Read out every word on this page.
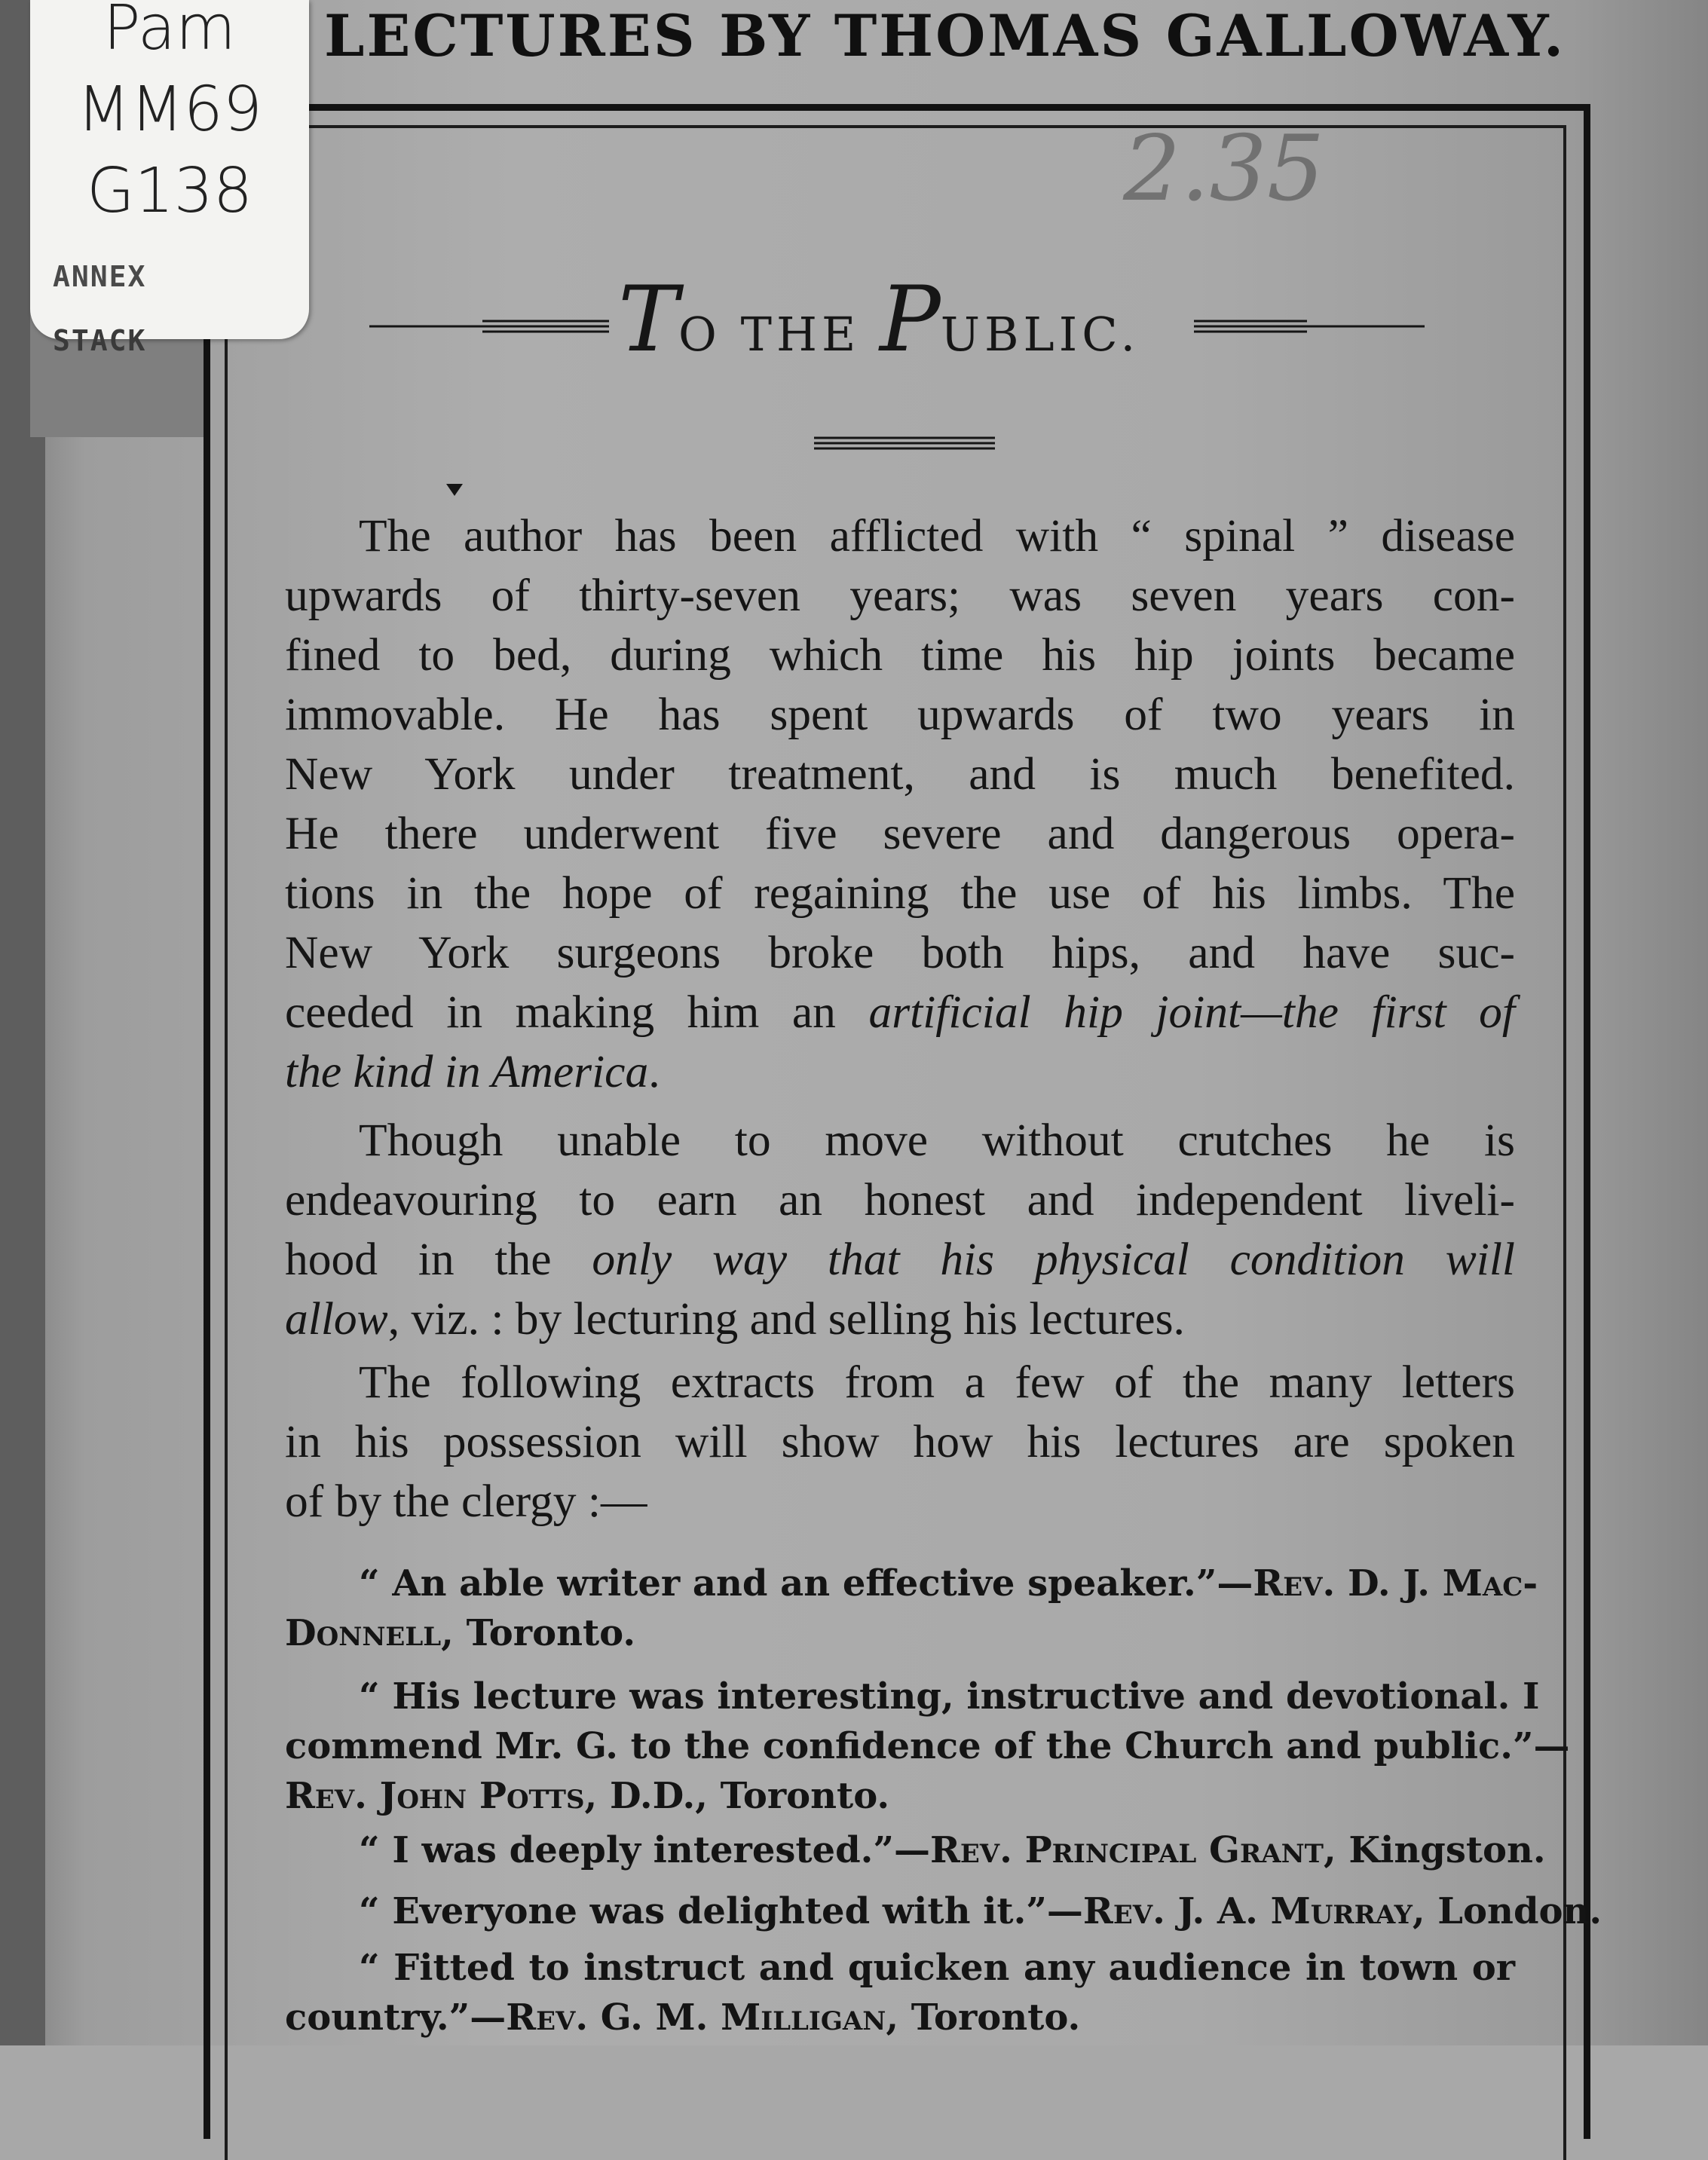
LECTURES BY THOMAS GALLOWAY.
2.35
Pam
MM69
G138
ANNEX
STACK	TO THE PUBLIC.
The author has been afflicted with “ spinal ” disease
upwards of thirty-seven years; was seven years con-
fined to bed, during which time his hip joints became
immovable. He has spent upwards of two years in
New York under treatment, and is much benefited.
He there underwent five severe and dangerous opera-
tions in the hope of regaining the use of his limbs. The
New York surgeons broke both hips, and have suc-
ceeded in making him an artificial hip joint—the first of
the kind in America.
Though unable to move without crutches he is
endeavouring to earn an honest and independent liveli-
hood in the only way that his physical condition will
allow, viz. : by lecturing and selling his lectures.
The following extracts from a few of the many letters
in his possession will show how his lectures are spoken
of by the clergy :—
“ An able writer and an effective speaker.”—Rev. D. J. Mac-
Donnell, Toronto.
“ His lecture was interesting, instructive and devotional. I
commend Mr. G. to the confidence of the Church and public.”—
Rev. John Potts, D.D., Toronto.
“ I was deeply interested.”—Rev. Principal Grant, Kingston.
“ Everyone was delighted with it.”—Rev. J. A. Murray, London.
“ Fitted to instruct and quicken any audience in town or
country.”—Rev. G. M. Milligan, Toronto.
